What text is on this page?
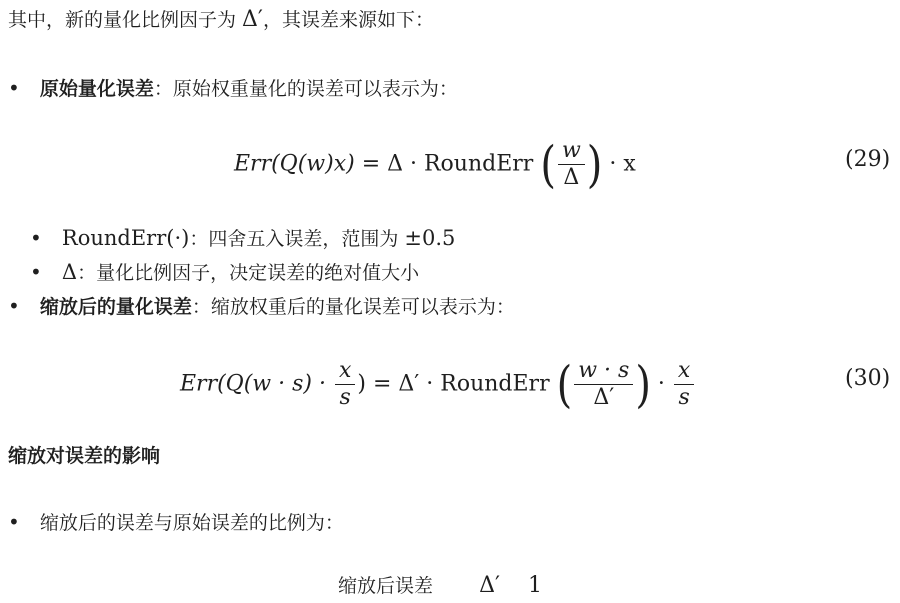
其中，新的量化比例因子为 Δ′，其误差来源如下：
• 原始量化误差：原始权重量化的误差可以表示为：
Err(Q(w)x) = Δ · RoundErr ( $\frac{w}{\Delta}$ ) · x	(29)
• RoundErr(·)：四舍五入误差，范围为 ±0.5
• Δ：量化比例因子，决定误差的绝对值大小
• 缩放后的量化误差：缩放权重后的量化误差可以表示为：
$Err(Q(w \cdot s) \cdot \frac{x}{s}$ ) = Δ′ · RoundErr ( $\frac{w \cdot s}{\Delta'}$ ) · $\frac{x}{s}$	(30)
缩放对误差的影响
• 缩放后的误差与原始误差的比例为：
缩放后误差 Δ′ 1
